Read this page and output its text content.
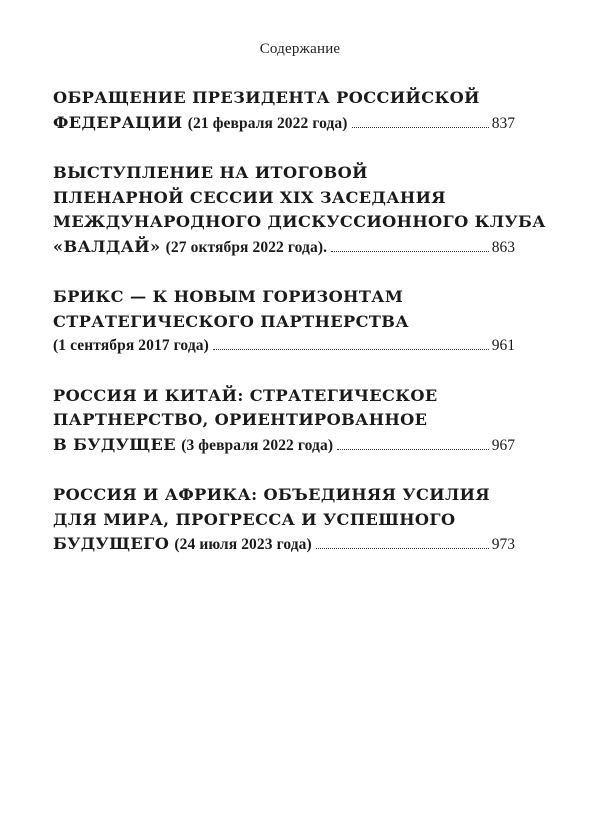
Содержание
ОБРАЩЕНИЕ ПРЕЗИДЕНТА РОССИЙСКОЙ
ФЕДЕРАЦИИ
(21 февраля 2022 года)	837
ВЫСТУПЛЕНИЕ НА ИТОГОВОЙ
ПЛЕНАРНОЙ СЕССИИ XIX ЗАСЕДАНИЯ
МЕЖДУНАРОДНОГО ДИСКУССИОННОГО КЛУБА
«ВАЛДАЙ»
(27 октября 2022 года).	863
БРИКС — К НОВЫМ ГОРИЗОНТАМ
СТРАТЕГИЧЕСКОГО ПАРТНЕРСТВА
(1 сентября 2017 года)	961
РОССИЯ И КИТАЙ: СТРАТЕГИЧЕСКОЕ
ПАРТНЕРСТВО, ОРИЕНТИРОВАННОЕ
В БУДУЩЕЕ
(3 февраля 2022 года)	967
РОССИЯ И АФРИКА: ОБЪЕДИНЯЯ УСИЛИЯ
ДЛЯ МИРА, ПРОГРЕССА И УСПЕШНОГО
БУДУЩЕГО
(24 июля 2023 года)	973
